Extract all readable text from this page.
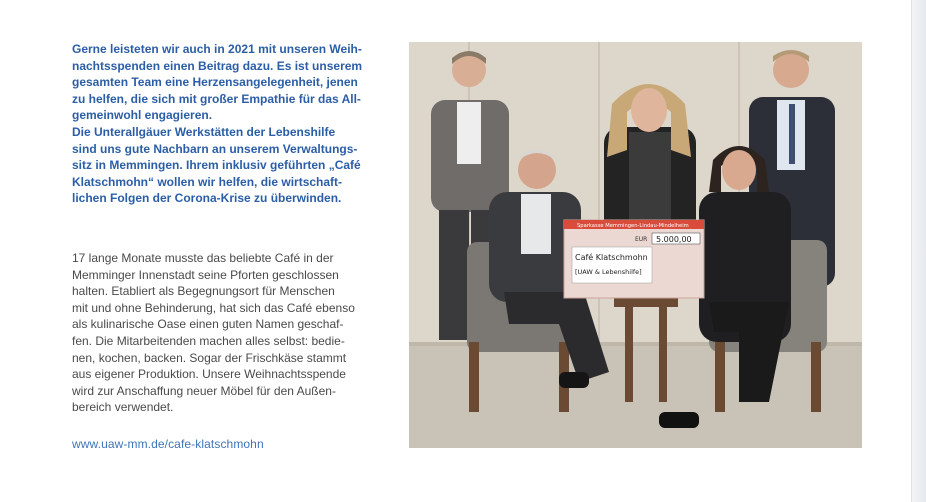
Gerne leisteten wir auch in 2021 mit unseren Weih-
nachtsspenden einen Beitrag dazu. Es ist unserem
gesamten Team eine Herzensangelegenheit, jenen
zu helfen, die sich mit großer Empathie für das All-
gemeinwohl engagieren.

Die Unterallgäuer Werkstätten der Lebenshilfe
sind uns gute Nachbarn an unserem Verwaltungs-
sitz in Memmingen. Ihrem inklusiv geführten „Café
Klatschmohn“ wollen wir helfen, die wirtschaft-
lichen Folgen der Corona-Krise zu überwinden.

17 lange Monate musste das beliebte Café in der
Memminger Innenstadt seine Pforten geschlossen
halten. Etabliert als Begegnungsort für Menschen
mit und ohne Behinderung, hat sich das Café ebenso
als kulinarische Oase einen guten Namen geschaf-
fen. Die Mitarbeitenden machen alles selbst: bedie-
nen, kochen, backen. Sogar der Frischkäse stammt
aus eigener Produktion. Unsere Weihnachtsspende
wird zur Anschaffung neuer Möbel für den Außen-
bereich verwendet.

www.uaw-mm.de/cafe-klatschmohn
Sparkasse Memmingen-Lindau-Mindelheim
EUR 5.000,00
Café Klatschmohn
[UAW & Lebenshilfe]
